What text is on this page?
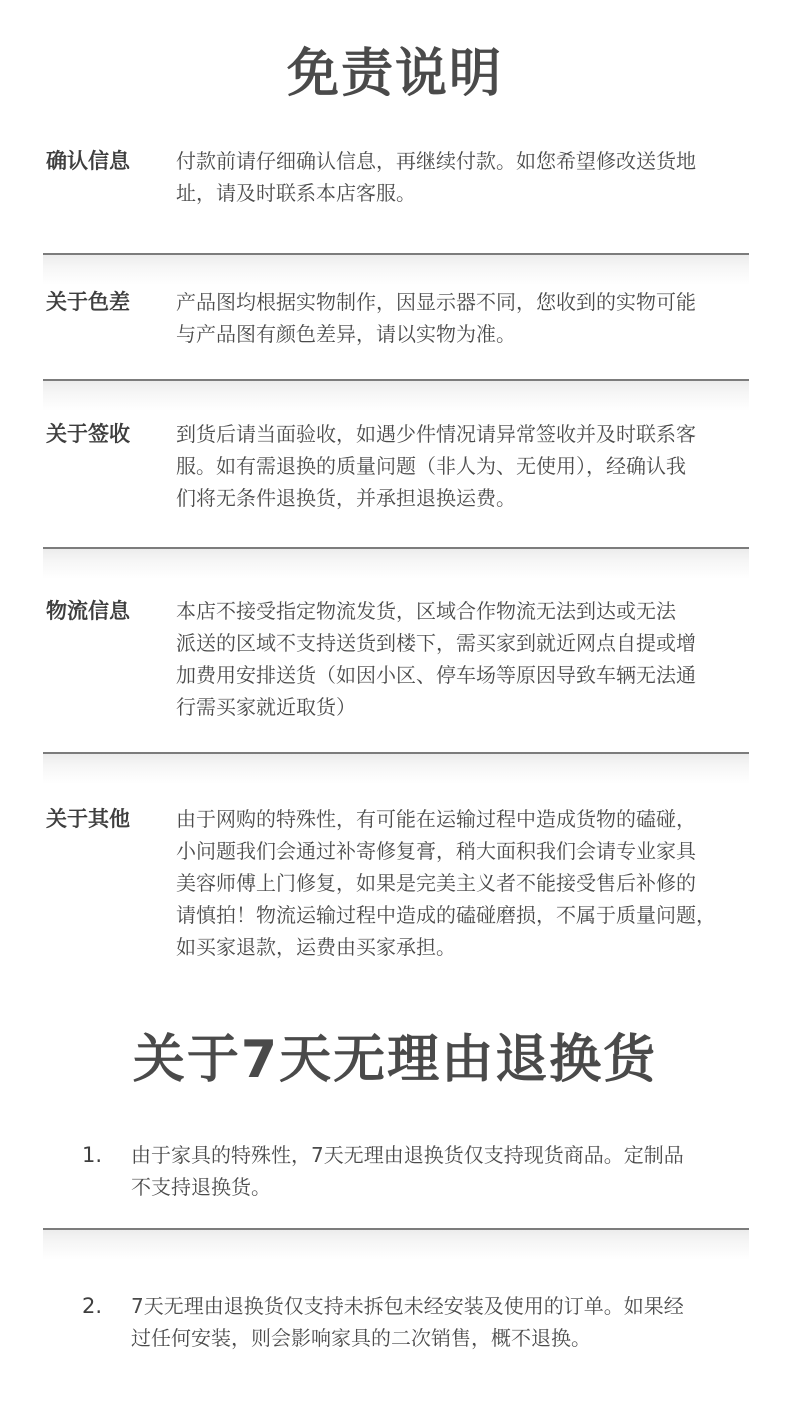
免责说明
确认信息 付款前请仔细确认信息，再继续付款。如您希望修改送货地
址，请及时联系本店客服。
关于色差 产品图均根据实物制作，因显示器不同，您收到的实物可能
与产品图有颜色差异，请以实物为准。
关于签收 到货后请当面验收，如遇少件情况请异常签收并及时联系客
服。如有需退换的质量问题（非人为、无使用），经确认我
们将无条件退换货，并承担退换运费。
物流信息 本店不接受指定物流发货，区域合作物流无法到达或无法
派送的区域不支持送货到楼下，需买家到就近网点自提或增
加费用安排送货（如因小区、停车场等原因导致车辆无法通
行需买家就近取货）
关于其他 由于网购的特殊性，有可能在运输过程中造成货物的磕碰，
小问题我们会通过补寄修复膏，稍大面积我们会请专业家具
美容师傅上门修复，如果是完美主义者不能接受售后补修的
请慎拍！物流运输过程中造成的磕碰磨损，不属于质量问题，
如买家退款，运费由买家承担。
关于7天无理由退换货
1. 由于家具的特殊性，7天无理由退换货仅支持现货商品。定制品
不支持退换货。
2. 7天无理由退换货仅支持未拆包未经安装及使用的订单。如果经
过任何安装，则会影响家具的二次销售，概不退换。
